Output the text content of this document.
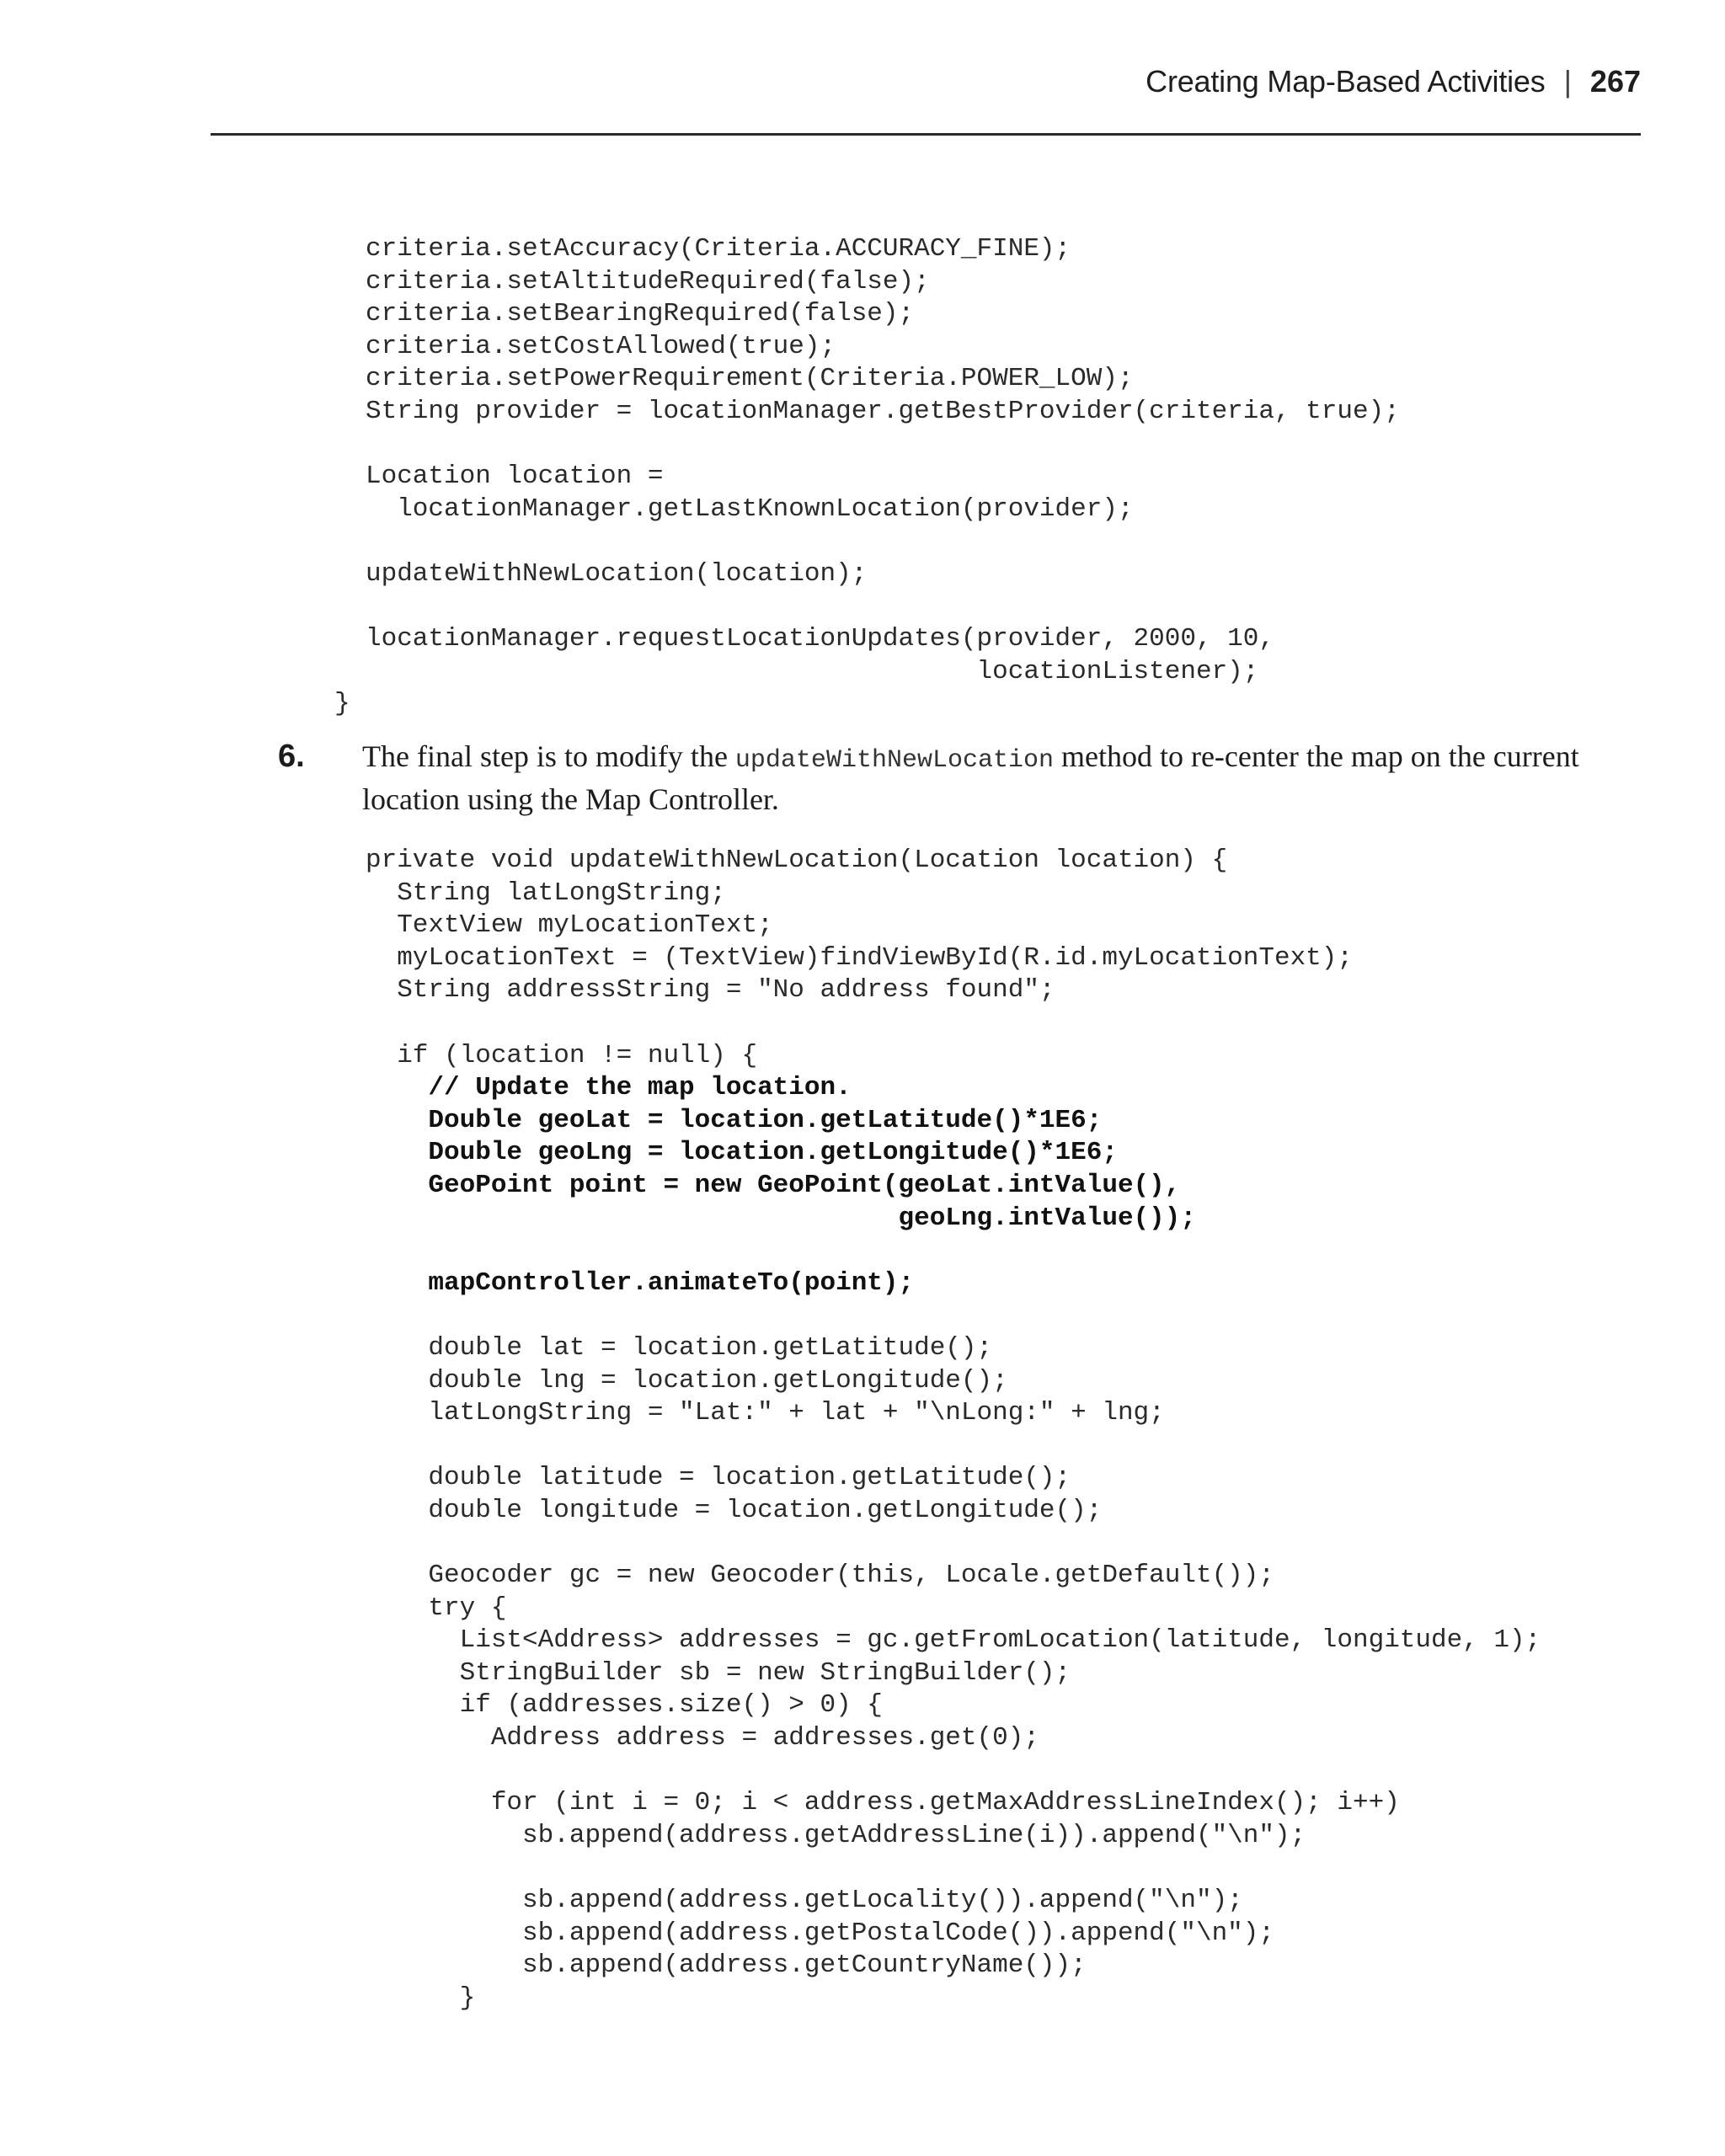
Creating Map-Based Activities | 267
criteria.setAccuracy(Criteria.ACCURACY_FINE);
criteria.setAltitudeRequired(false);
criteria.setBearingRequired(false);
criteria.setCostAllowed(true);
criteria.setPowerRequirement(Criteria.POWER_LOW);
String provider = locationManager.getBestProvider(criteria, true);
Location location =
locationManager.getLastKnownLocation(provider);
updateWithNewLocation(location);
locationManager.requestLocationUpdates(provider, 2000, 10,
locationListener);
}
6. The final step is to modify the updateWithNewLocation method to re-center the map on the current location using the Map Controller.
private void updateWithNewLocation(Location location) {
String latLongString;
TextView myLocationText;
myLocationText = (TextView)findViewById(R.id.myLocationText);
String addressString = "No address found";
if (location != null) {
// Update the map location.
Double geoLat = location.getLatitude()*1E6;
Double geoLng = location.getLongitude()*1E6;
GeoPoint point = new GeoPoint(geoLat.intValue(),
geoLng.intValue());
mapController.animateTo(point);
double lat = location.getLatitude();
double lng = location.getLongitude();
latLongString = "Lat:" + lat + "\nLong:" + lng;
double latitude = location.getLatitude();
double longitude = location.getLongitude();
Geocoder gc = new Geocoder(this, Locale.getDefault());
try {
List<Address> addresses = gc.getFromLocation(latitude, longitude, 1);
StringBuilder sb = new StringBuilder();
if (addresses.size() > 0) {
Address address = addresses.get(0);
for (int i = 0; i < address.getMaxAddressLineIndex(); i++)
sb.append(address.getAddressLine(i)).append("\n");
sb.append(address.getLocality()).append("\n");
sb.append(address.getPostalCode()).append("\n");
sb.append(address.getCountryName());
}
